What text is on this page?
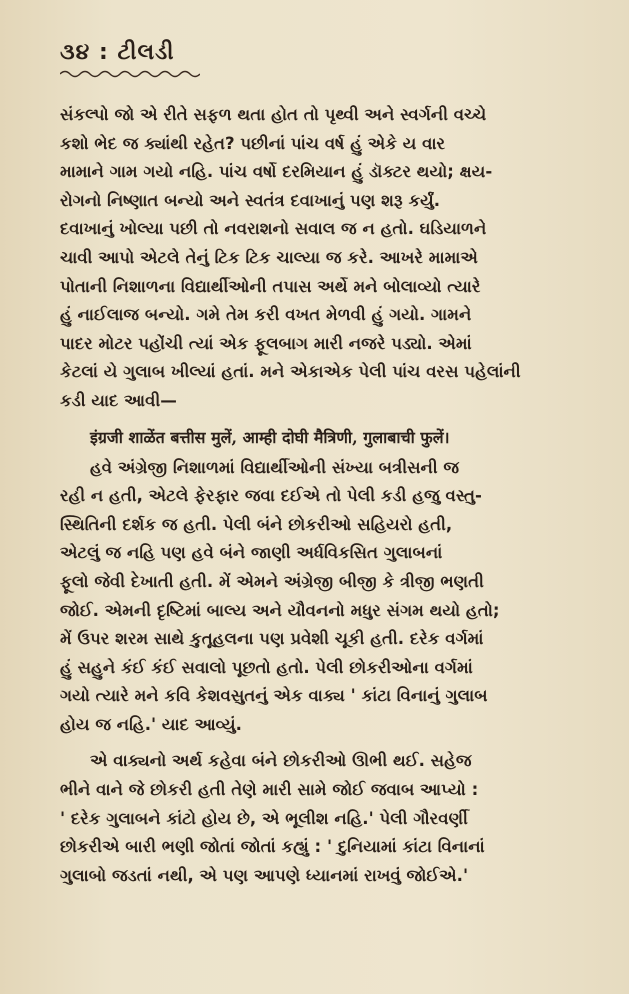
૩૪ : ટીલડી
સંકલ્પો જો એ રીતે સફળ થતા હોત તો પૃથ્વી અને સ્વર્ગની વચ્ચે
કશો ભેદ જ ક્યાંથી રહેત? પછીનાં પાંચ વર્ષ હું એકે ય વાર
મામાને ગામ ગયો નહિ. પાંચ વર્ષો દરમિયાન હું ડૉક્ટર થયો; ક્ષય-
રોગનો નિષ્ણાત બન્યો અને સ્વતંત્ર દવાખાનું પણ શરૂ કર્યું.
દવાખાનું ખોલ્યા પછી તો નવરાશનો સવાલ જ ન હતો. ઘડિયાળને
ચાવી આપો એટલે તેનું ટિક ટિક ચાલ્યા જ કરે. આખરે મામાએ
પોતાની નિશાળના વિદ્યાર્થીઓની તપાસ અર્થે મને બોલાવ્યો ત્યારે
હું નાઈલાજ બન્યો. ગમે તેમ કરી વખત મેળવી હું ગયો. ગામને
પાદર મોટર પહોંચી ત્યાં એક ફૂલબાગ મારી નજરે પડ્યો. એમાં
કેટલાં યે ગુલાબ ખીલ્યાં હતાં. મને એકાએક પેલી પાંચ વરસ પહેલાંની
કડી યાદ આવી—
इंग्रजी शाळेंत बत्तीस मुलें, आम्ही दोघी मैत्रिणी, गुलाबाची फुलें।
હવે અંગ્રેજી નિશાળમાં વિદ્યાર્થીઓની સંખ્યા બત્રીસની જ
રહી ન હતી, એટલે ફેરફાર જવા દઈએ તો પેલી કડી હજુ વસ્તુ-
સ્થિતિની દર્શક જ હતી. પેલી બંને છોકરીઓ સહિયરો હતી,
એટલું જ નહિ પણ હવે બંને જાણી અર્ધવિકસિત ગુલાબનાં
ફૂલો જેવી દેખાતી હતી. મેં એમને અંગ્રેજી બીજી કે ત્રીજી ભણતી
જોઈ. એમની દૃષ્ટિમાં બાલ્ય અને યૌવનનો મધુર સંગમ થયો હતો;
મેં ઉપર શરમ સાથે કુતૂહલના પણ પ્રવેશી ચૂકી હતી. દરેક વર્ગમાં
હું સહુને કંઈ કંઈ સવાલો પૂછતો હતો. પેલી છોકરીઓના વર્ગમાં
ગયો ત્યારે મને કવિ કેશવસુતનું એક વાક્ય ' કાંટા વિનાનું ગુલાબ
હોય જ નહિ.' યાદ આવ્યું.
એ વાક્યનો અર્થ કહેવા બંને છોકરીઓ ઊભી થઈ. સહેજ
ભીને વાને જે છોકરી હતી તેણે મારી સામે જોઈ જવાબ આપ્યો :
' દરેક ગુલાબને કાંટો હોય છે, એ ભૂલીશ નહિ.' પેલી ગૌરવર્ણી
છોકરીએ બારી ભણી જોતાં જોતાં કહ્યું : ' દુનિયામાં કાંટા વિનાનાં
ગુલાબો જડતાં નથી, એ પણ આપણે ધ્યાનમાં રાખવું જોઈએ.'
